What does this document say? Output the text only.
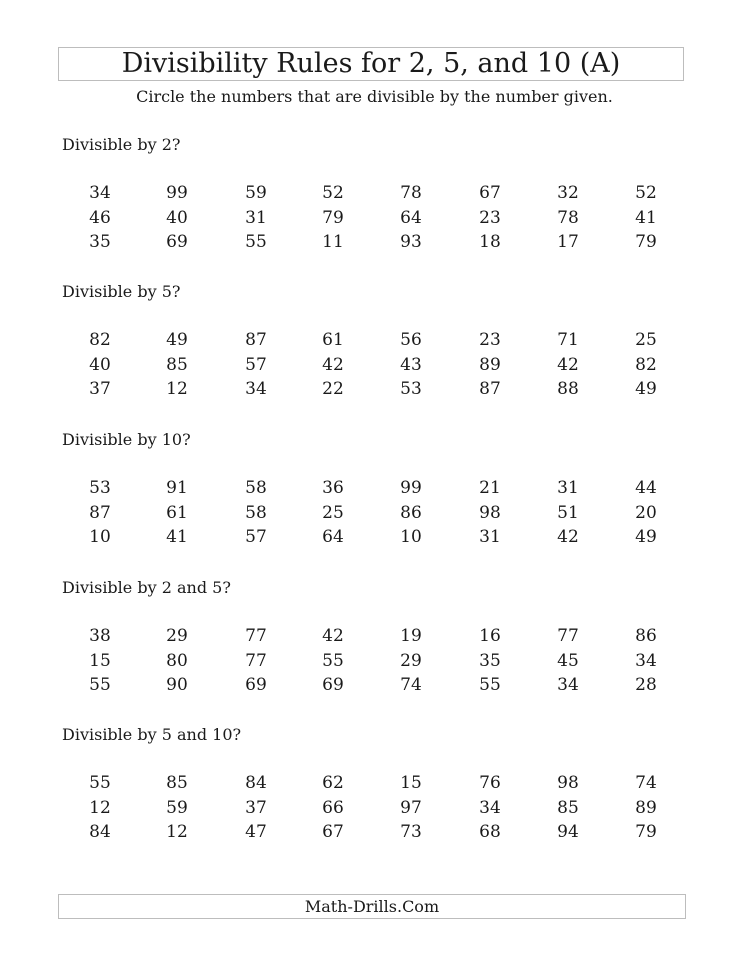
Divisibility Rules for 2, 5, and 10 (A)
Circle the numbers that are divisible by the number given.
Divisible by 2?
34	99	59	52	78	67	32	52
46	40	31	79	64	23	78	41
35	69	55	11	93	18	17	79
Divisible by 5?
82	49	87	61	56	23	71	25
40	85	57	42	43	89	42	82
37	12	34	22	53	87	88	49
Divisible by 10?
53	91	58	36	99	21	31	44
87	61	58	25	86	98	51	20
10	41	57	64	10	31	42	49
Divisible by 2 and 5?
38	29	77	42	19	16	77	86
15	80	77	55	29	35	45	34
55	90	69	69	74	55	34	28
Divisible by 5 and 10?
55	85	84	62	15	76	98	74
12	59	37	66	97	34	85	89
84	12	47	67	73	68	94	79
Math-Drills.Com
